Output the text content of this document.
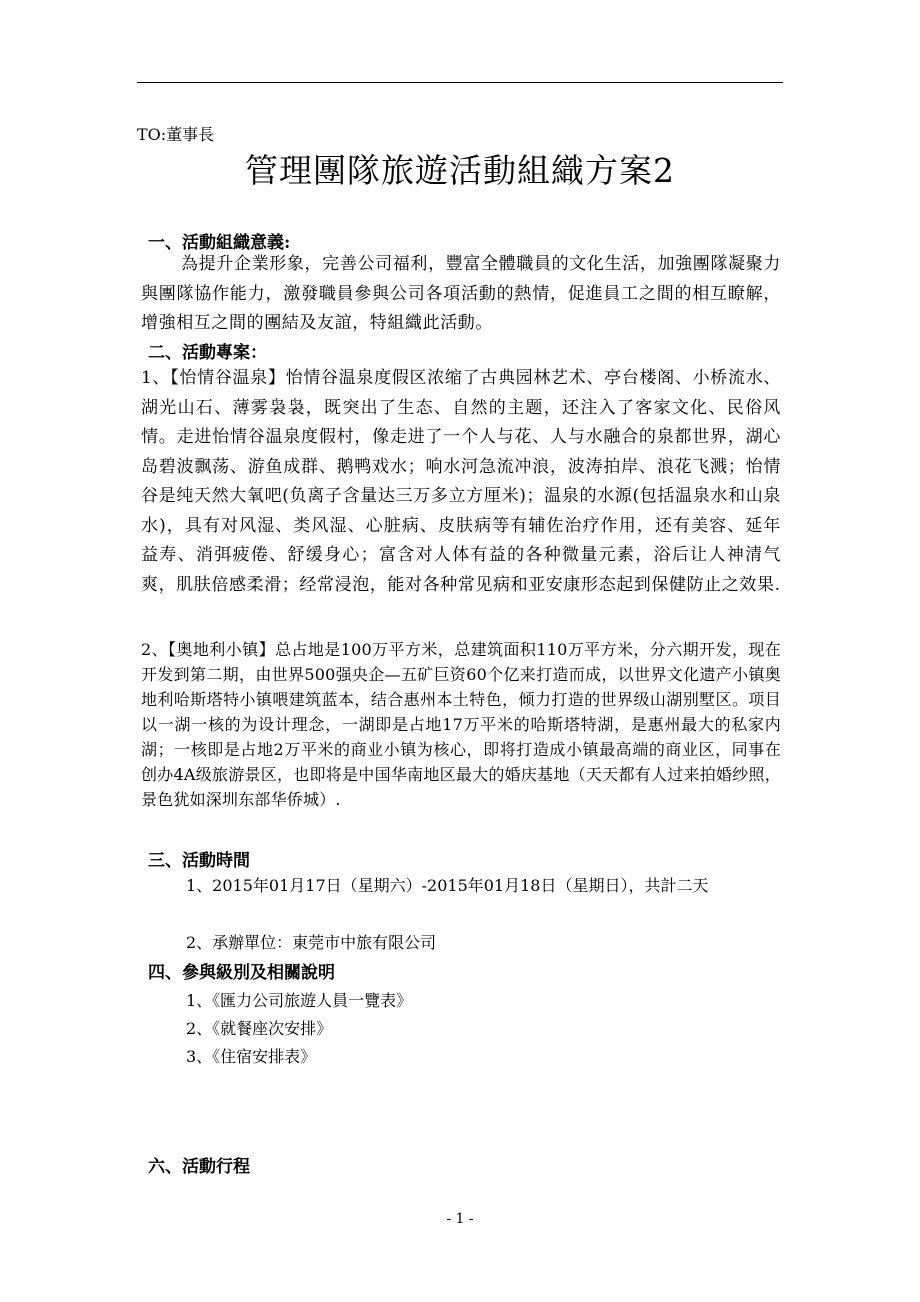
TO:董事長
管理團隊旅遊活動組織方案2
一、活動組織意義:
為提升企業形象，完善公司福利，豐富全體職員的文化生活，加強團隊凝聚力與團隊協作能力，激發職員參與公司各項活動的熱情，促進員工之間的相互瞭解，增強相互之間的團結及友誼，特組織此活動。
二、活動專案：
1、【怡情谷温泉】怡情谷温泉度假区浓缩了古典园林艺术、亭台楼阁、小桥流水、湖光山石、薄雾袅袅，既突出了生态、自然的主题，还注入了客家文化、民俗风情。走进怡情谷温泉度假村，像走进了一个人与花、人与水融合的泉都世界，湖心岛碧波飘荡、游鱼成群、鹅鸭戏水；响水河急流冲浪，波涛拍岸、浪花飞溅；怡情谷是纯天然大氧吧(负离子含量达三万多立方厘米)；温泉的水源(包括温泉水和山泉水)，具有对风湿、类风湿、心脏病、皮肤病等有辅佐治疗作用，还有美容、延年益寿、消弭疲倦、舒缓身心；富含对人体有益的各种微量元素，浴后让人神清气爽，肌肤倍感柔滑；经常浸泡，能对各种常见病和亚安康形态起到保健防止之效果.
2、【奥地利小镇】总占地是100万平方米，总建筑面积110万平方米，分六期开发，现在开发到第二期，由世界500强央企—五矿巨资60个亿来打造而成，以世界文化遗产小镇奥地利哈斯塔特小镇喂建筑蓝本，结合惠州本土特色，倾力打造的世界级山湖别墅区。项目以一湖一核的为设计理念，一湖即是占地17万平米的哈斯塔特湖，是惠州最大的私家内湖；一核即是占地2万平米的商业小镇为核心，即将打造成小镇最高端的商业区，同事在创办4A级旅游景区，也即将是中国华南地区最大的婚庆基地（天天都有人过来拍婚纱照，景色犹如深圳东部华侨城）.
三、活動時間
1、2015年01月17日（星期六）-2015年01月18日（星期日），共計二天
2、承辦單位：東莞市中旅有限公司
四、參與級別及相關說明
1、《匯力公司旅遊人員一覽表》
2、《就餐座次安排》
3、《住宿安排表》
六、活動行程
- 1 -
